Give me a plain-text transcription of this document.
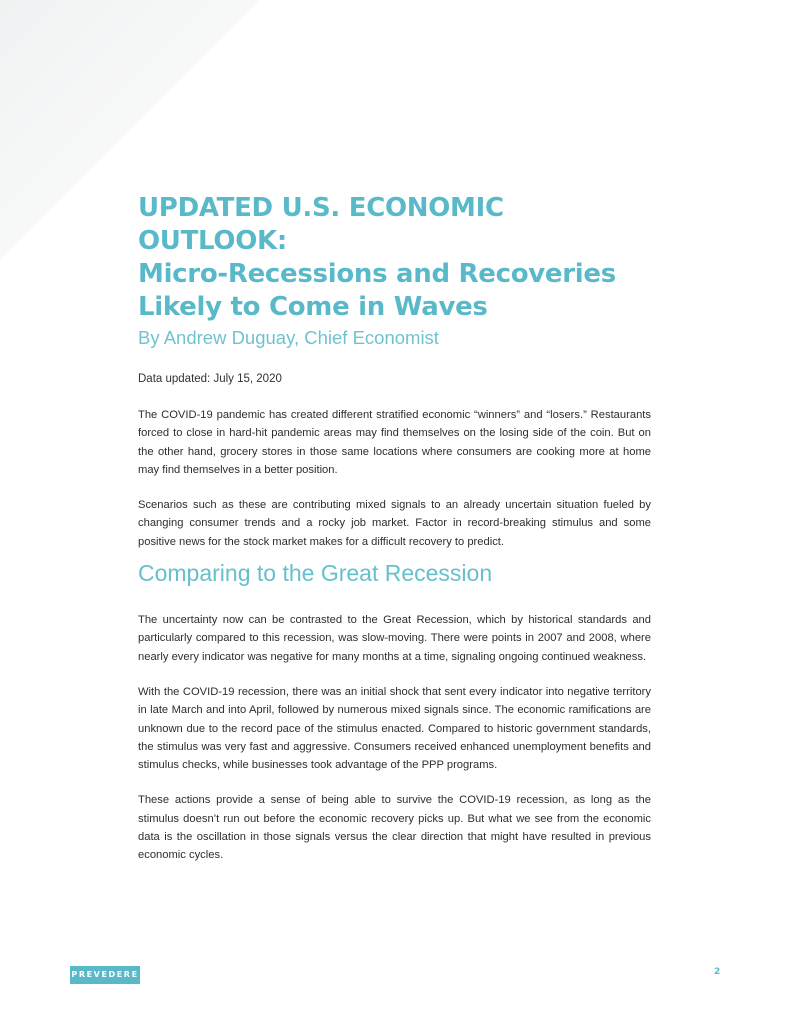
UPDATED U.S. ECONOMIC OUTLOOK:
Micro-Recessions and Recoveries
Likely to Come in Waves
By Andrew Duguay, Chief Economist
Data updated: July 15, 2020

The COVID-19 pandemic has created different stratified economic “winners” and “losers.” Restaurants forced to close in hard-hit pandemic areas may find themselves on the losing side of the coin. But on the other hand, grocery stores in those same locations where consumers are cooking more at home may find themselves in a better position.

Scenarios such as these are contributing mixed signals to an already uncertain situation fueled by changing consumer trends and a rocky job market. Factor in record-breaking stimulus and some positive news for the stock market makes for a difficult recovery to predict.

Comparing to the Great Recession

The uncertainty now can be contrasted to the Great Recession, which by historical standards and particularly compared to this recession, was slow-moving. There were points in 2007 and 2008, where nearly every indicator was negative for many months at a time, signaling ongoing continued weakness.

With the COVID-19 recession, there was an initial shock that sent every indicator into negative territory in late March and into April, followed by numerous mixed signals since. The economic ramifications are unknown due to the record pace of the stimulus enacted. Compared to historic government standards, the stimulus was very fast and aggressive. Consumers received enhanced unemployment benefits and stimulus checks, while businesses took advantage of the PPP programs.

These actions provide a sense of being able to survive the COVID-19 recession, as long as the stimulus doesn’t run out before the economic recovery picks up. But what we see from the economic data is the oscillation in those signals versus the clear direction that might have resulted in previous economic cycles.

PREVEDERE	2
